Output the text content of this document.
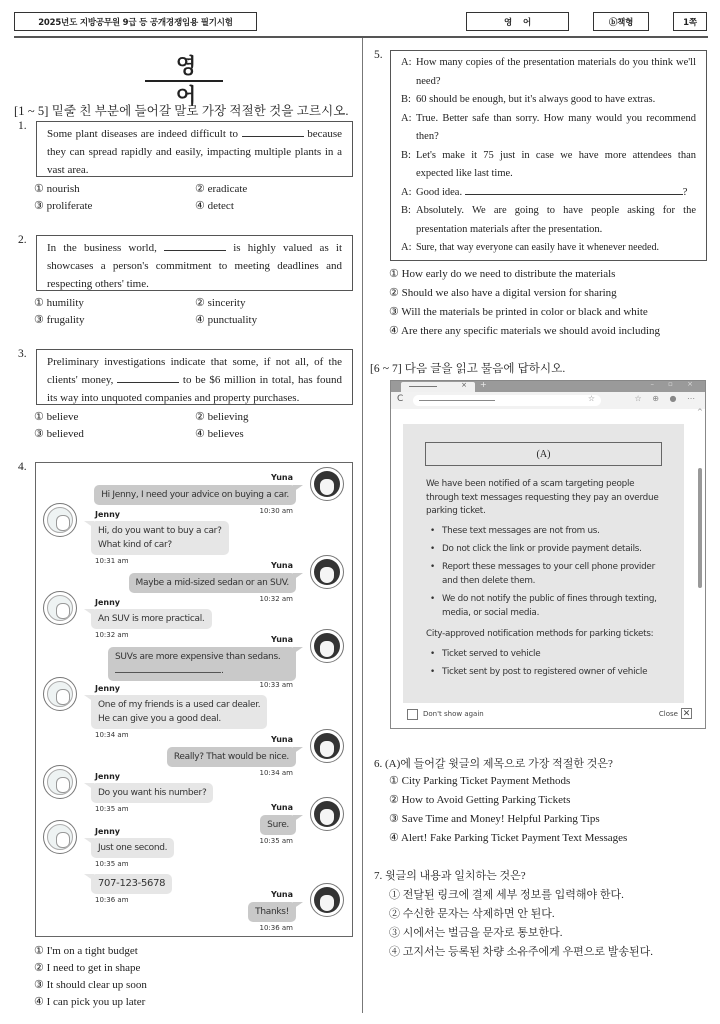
2025년도 지방공무원 9급 등 공개경쟁임용 필기시험	영    어	ⓑ책형	1쪽
영 어
[1 ~ 5] 밑줄 친 부분에 들어갈 말로 가장 적절한 것을 고르시오.
1.
Some plant diseases are indeed difficult to	because they can spread rapidly and easily, impacting multiple plants in a vast area.
① nourish	② eradicate
③ proliferate	④ detect
2.
In the business world,	is highly valued as it showcases a person's commitment to meeting deadlines and respecting others' time.
① humility	② sincerity
③ frugality	④ punctuality
3.
Preliminary investigations indicate that some, if not all, of the clients' money,	to be $6 million in total, has found its way into unquoted companies and property purchases.
① believe	② believing
③ believed	④ believes
4.
Yuna
Hi Jenny, I need your advice on buying a car.
10:30 am
Jenny
Hi, do you want to buy a car?
What kind of car?
10:31 am	Yuna
Maybe a mid-sized sedan or an SUV.
10:32 am
Jenny
An SUV is more practical.
10:32 am	Yuna
SUVs are more expensive than sedans.
.
10:33 am
Jenny
One of my friends is a used car dealer.
He can give you a good deal.
10:34 am	Yuna
Really? That would be nice.
10:34 am
Jenny
Do you want his number?
10:35 am	Yuna
Sure.
10:35 am
Jenny
Just one second.
10:35 am
707-123-5678
10:36 am
Yuna
Thanks!
10:36 am
① I'm on a tight budget
② I need to get in shape
③ It should clear up soon
④ I can pick you up later
5.
A: How many copies of the presentation materials do you think we'll need?
B: 60 should be enough, but it's always good to have extras.
A: True. Better safe than sorry. How many would you recommend then?
B: Let's make it 75 just in case we have more attendees than expected like last time.
A: Good idea.	?
B: Absolutely. We are going to have people asking for the presentation materials after the presentation.
A: Sure, that way everyone can easily have it whenever needed.
① How early do we need to distribute the materials
② Should we also have a digital version for sharing
③ Will the materials be printed in color or black and white
④ Are there any specific materials we should avoid including
[6 ~ 7] 다음 글을 읽고 물음에 답하시오.
× +	– ▫ ×
C	☆	☆ ⊕ ● ⋯
^
(A)
We have been notified of a scam targeting people through text messages requesting they pay an overdue parking ticket.
• These text messages are not from us.
• Do not click the link or provide payment details.
• Report these messages to your cell phone provider and then delete them.
• We do not notify the public of fines through texting, media, or social media.
City-approved notification methods for parking tickets:
• Ticket served to vehicle
• Ticket sent by post to registered owner of vehicle
Don't show again	Close ✕
6. (A)에 들어갈 윗글의 제목으로 가장 적절한 것은?
① City Parking Ticket Payment Methods
② How to Avoid Getting Parking Tickets
③ Save Time and Money! Helpful Parking Tips
④ Alert! Fake Parking Ticket Payment Text Messages
7. 윗글의 내용과 일치하는 것은?
① 전달된 링크에 결제 세부 정보를 입력해야 한다.
② 수신한 문자는 삭제하면 안 된다.
③ 시에서는 벌금을 문자로 통보한다.
④ 고지서는 등록된 차량 소유주에게 우편으로 발송된다.
